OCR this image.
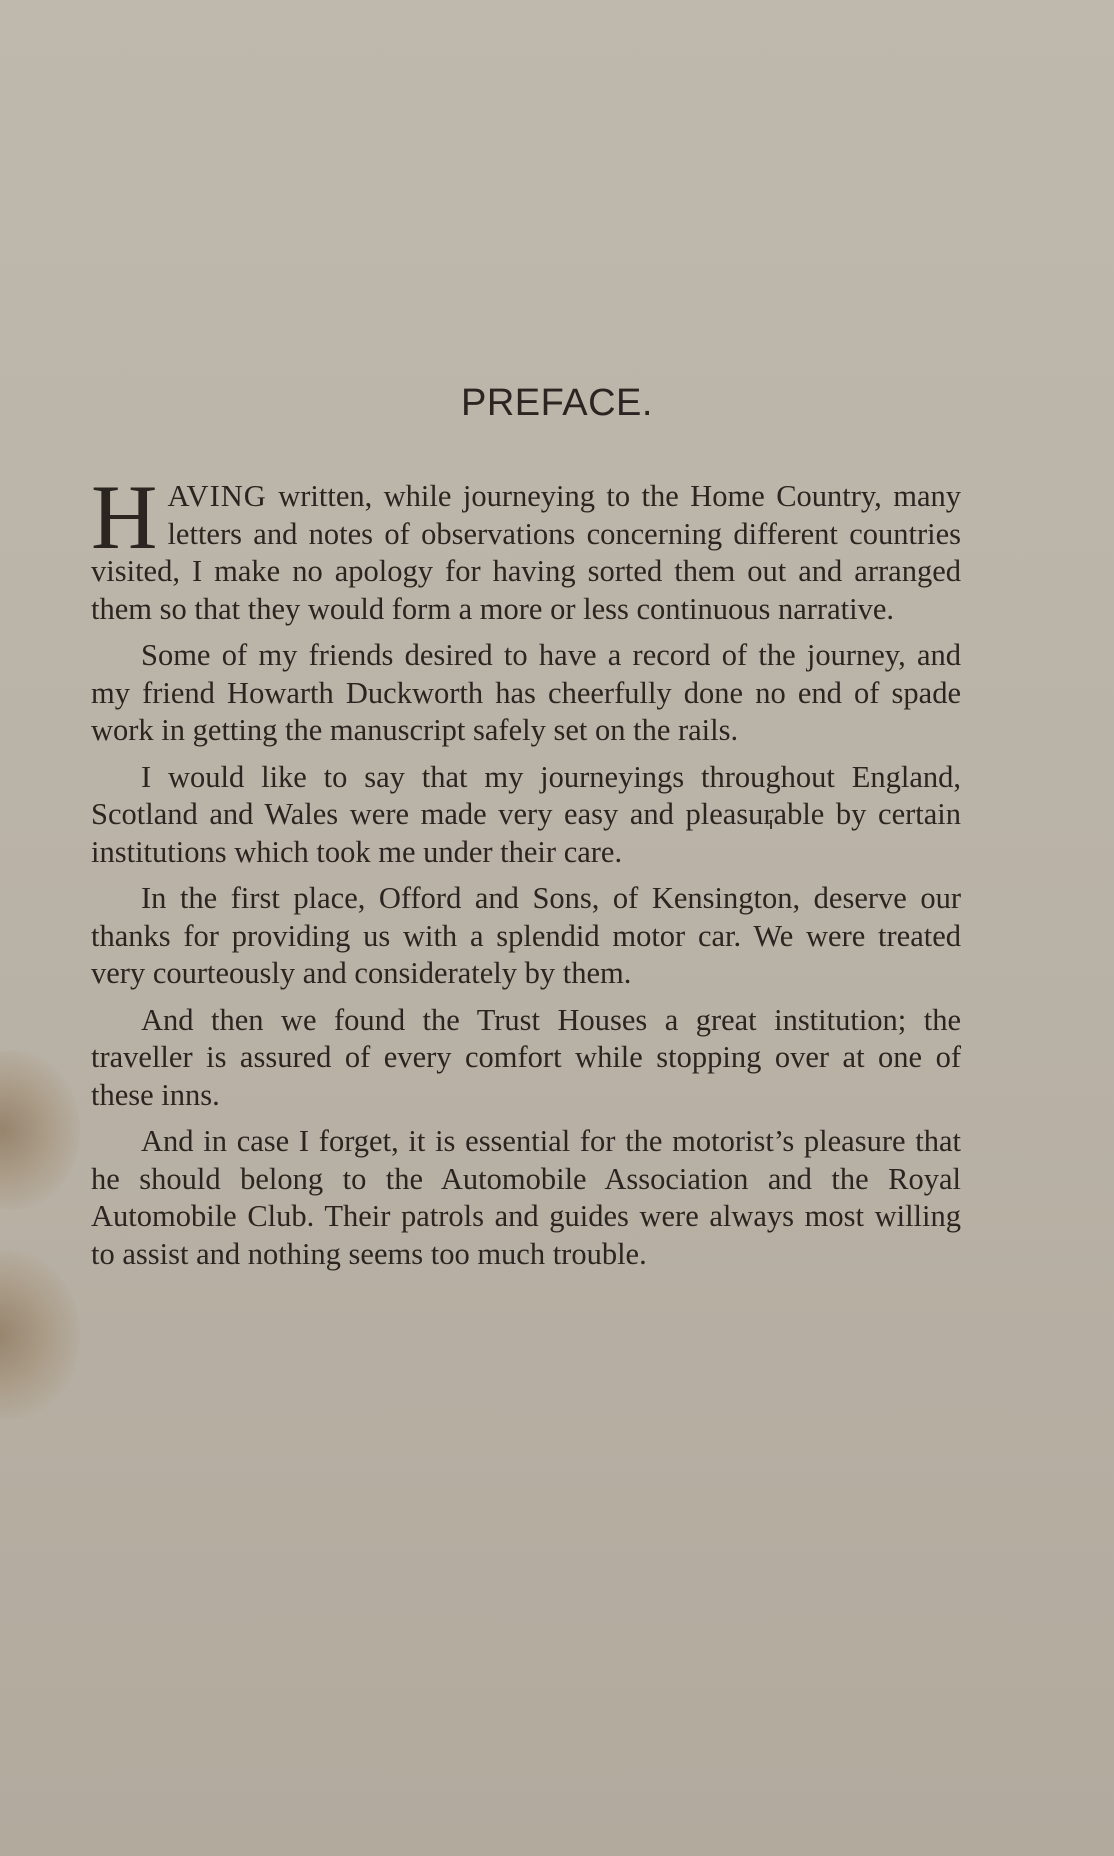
PREFACE.

HAVING written, while journeying to the Home Country, many letters and notes of observations concerning different countries visited, I make no apology for having sorted them out and arranged them so that they would form a more or less continuous narrative.

Some of my friends desired to have a record of the journey, and my friend Howarth Duckworth has cheerfully done no end of spade work in getting the manuscript safely set on the rails.

I would like to say that my journeyings throughout England, Scotland and Wales were made very easy and pleasurable by certain institutions which took me under their care.

In the first place, Offord and Sons, of Kensington, deserve our thanks for providing us with a splendid motor car. We were treated very courteously and considerately by them.

And then we found the Trust Houses a great institution; the traveller is assured of every comfort while stopping over at one of these inns.

And in case I forget, it is essential for the motorist’s pleasure that he should belong to the Automobile Association and the Royal Automobile Club. Their patrols and guides were always most willing to assist and nothing seems too much trouble.
